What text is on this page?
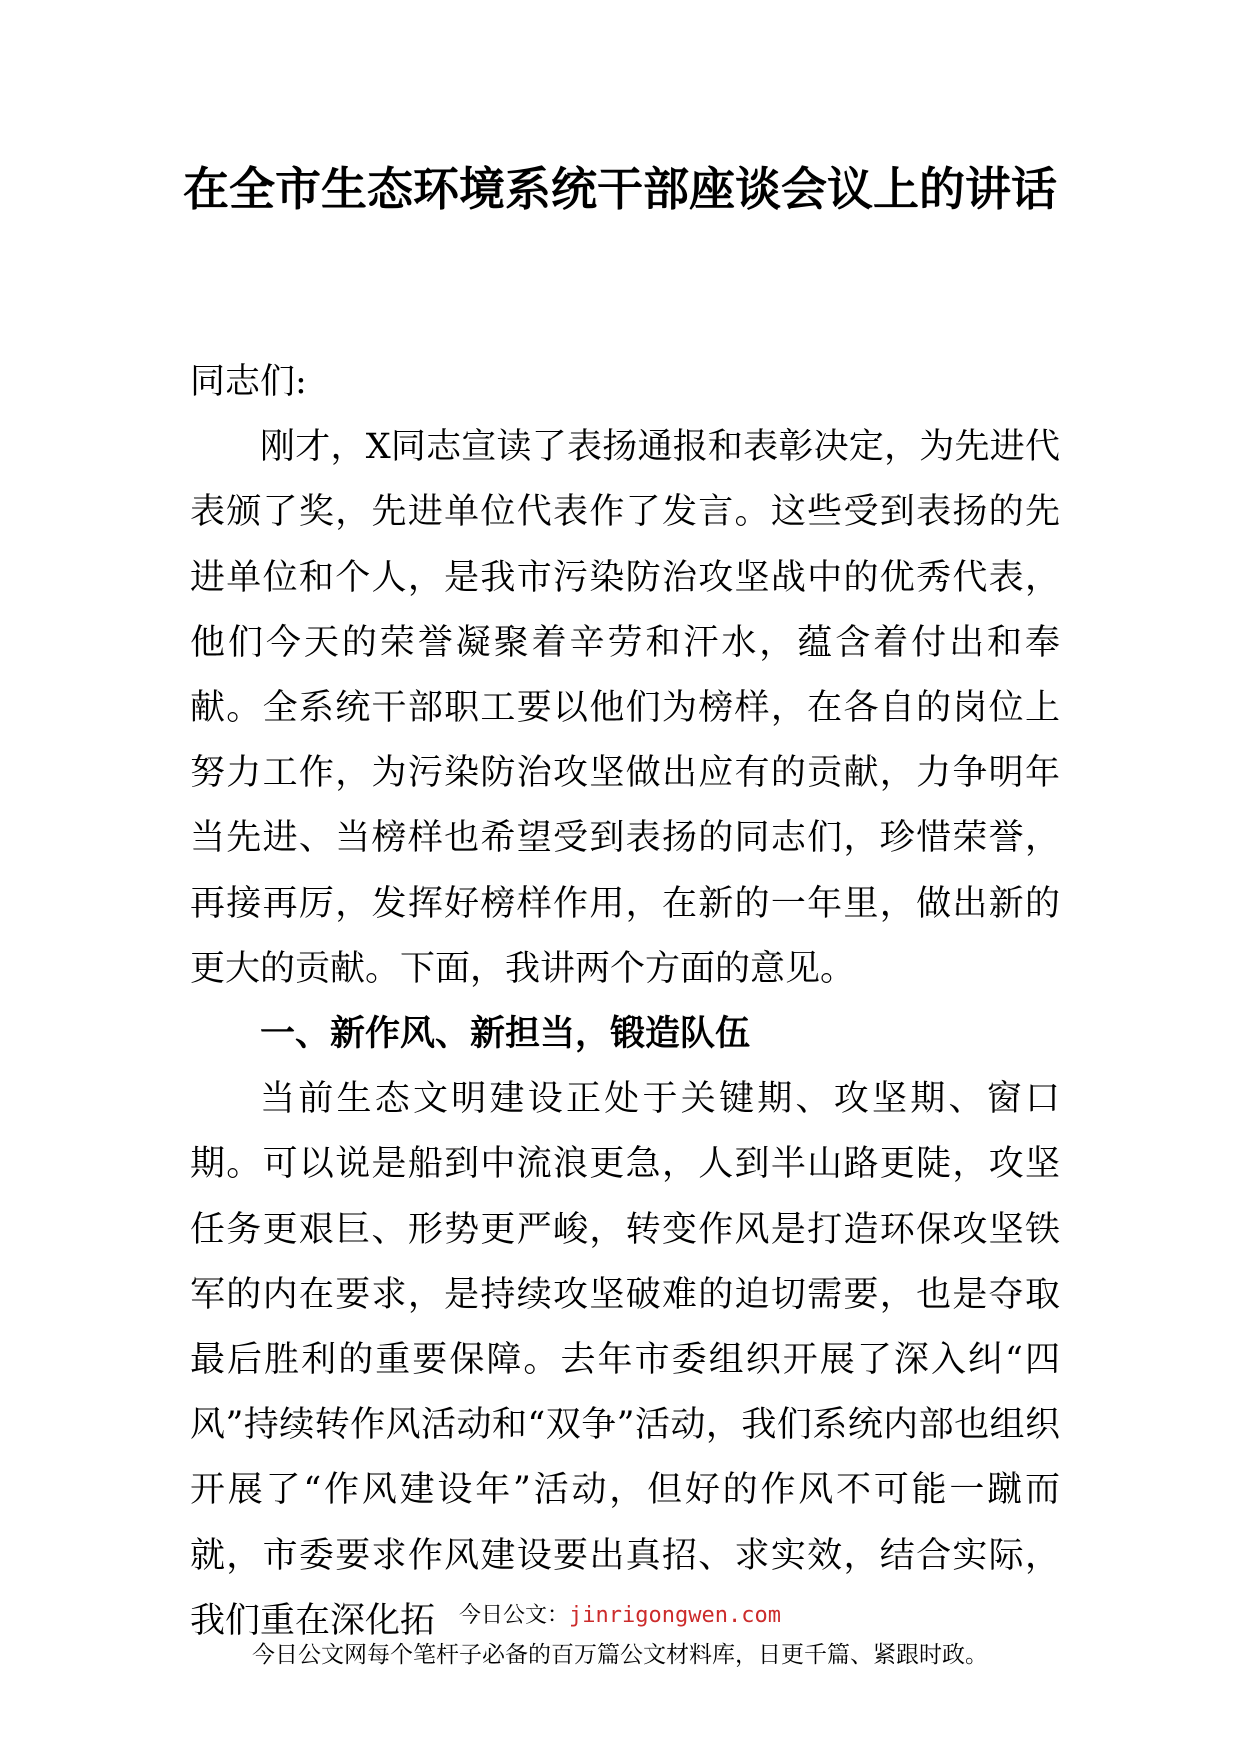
在全市生态环境系统干部座谈会议上的讲话

同志们:

刚才，X同志宣读了表扬通报和表彰决定，为先进代表颁了奖，先进单位代表作了发言。这些受到表扬的先进单位和个人，是我市污染防治攻坚战中的优秀代表，他们今天的荣誉凝聚着辛劳和汗水，蕴含着付出和奉献。全系统干部职工要以他们为榜样，在各自的岗位上努力工作，为污染防治攻坚做出应有的贡献，力争明年当先进、当榜样也希望受到表扬的同志们，珍惜荣誉，再接再厉，发挥好榜样作用，在新的一年里，做出新的更大的贡献。下面，我讲两个方面的意见。

一、新作风、新担当，锻造队伍

当前生态文明建设正处于关键期、攻坚期、窗口期。可以说是船到中流浪更急，人到半山路更陡，攻坚任务更艰巨、形势更严峻，转变作风是打造环保攻坚铁军的内在要求，是持续攻坚破难的迫切需要，也是夺取最后胜利的重要保障。去年市委组织开展了深入纠“四风”持续转作风活动和“双争”活动，我们系统内部也组织开展了“作风建设年”活动，但好的作风不可能一蹴而就，市委要求作风建设要出真招、求实效，结合实际，我们重在深化拓	今日公文：jinrigongwen.com
今日公文网每个笔杆子必备的百万篇公文材料库，日更千篇、紧跟时政。
